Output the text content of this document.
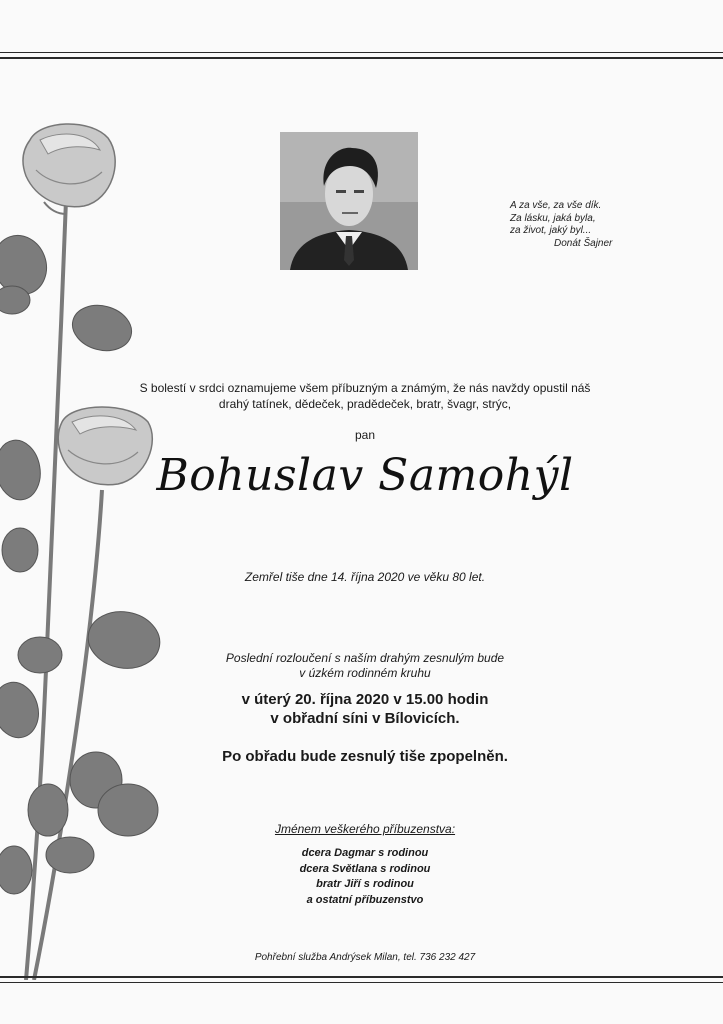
A za vše, za vše dík.
Za lásku, jaká byla,
za život, jaký byl...
Donát Šajner
S bolestí v srdci oznamujeme všem příbuzným a známým, že nás navždy opustil náš
drahý tatínek, dědeček, pradědeček, bratr, švagr, strýc,
pan
Bohuslav Samohýl
Zemřel tiše dne 14. října 2020 ve věku 80 let.
Poslední rozloučení s naším drahým zesnulým bude
v úzkém rodinném kruhu
v úterý 20. října 2020 v 15.00 hodin
v obřadní síni v Bílovicích.
Po obřadu bude zesnulý tiše zpopelněn.
Jménem veškerého příbuzenstva:
dcera Dagmar s rodinou
dcera Světlana s rodinou
bratr Jiří s rodinou
a ostatní příbuzenstvo
Pohřební služba Andrýsek Milan, tel. 736 232 427
